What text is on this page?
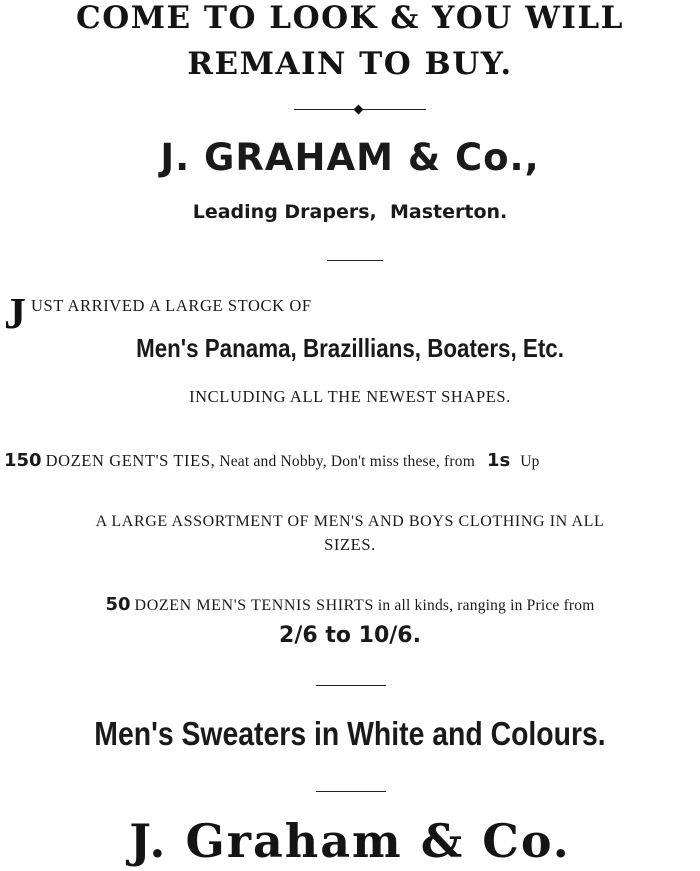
COME TO LOOK & YOU WILL
REMAIN TO BUY.
J. GRAHAM & Co.,
Leading Drapers,  Masterton.
J UST ARRIVED A LARGE STOCK OF
Men's Panama, Brazillians, Boaters, Etc.
INCLUDING ALL THE NEWEST SHAPES.
150 DOZEN GENT'S TIES, Neat and Nobby, Don't miss these, from 1s Up
A LARGE ASSORTMENT OF MEN'S AND BOYS CLOTHING IN ALL
SIZES.
50 DOZEN MEN'S TENNIS SHIRTS in all kinds, ranging in Price from
2/6 to 10/6.
Men's Sweaters in White and Colours.
J. Graham & Co.
